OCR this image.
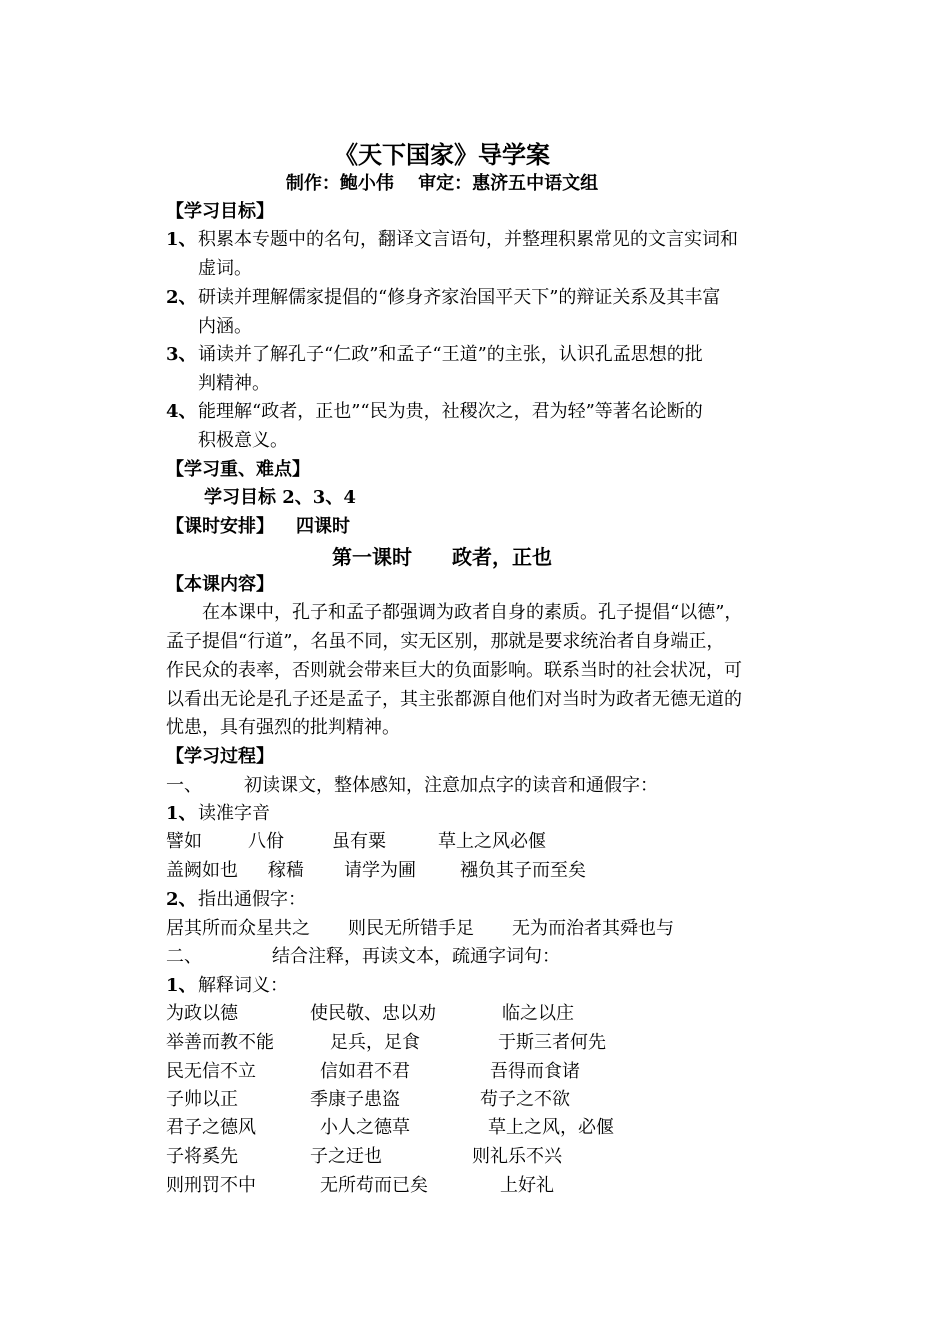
《天下国家》导学案
制作：鲍小伟　 审定：惠济五中语文组
【学习目标】
1、积累本专题中的名句，翻译文言语句，并整理积累常见的文言实词和
虚词。
2、研读并理解儒家提倡的“修身齐家治国平天下”的辩证关系及其丰富
内涵。
3、诵读并了解孔子“仁政”和孟子“王道”的主张，认识孔孟思想的批
判精神。
4、能理解“政者，正也”“民为贵，社稷次之，君为轻”等著名论断的
积极意义。
【学习重、难点】
学习目标 2、3、4
【课时安排】 四课时
第一课时　　政者，正也
【本课内容】
在本课中，孔子和孟子都强调为政者自身的素质。孔子提倡“以德”，
孟子提倡“行道”，名虽不同，实无区别，那就是要求统治者自身端正，
作民众的表率，否则就会带来巨大的负面影响。联系当时的社会状况，可
以看出无论是孔子还是孟子，其主张都源自他们对当时为政者无德无道的
忧患，具有强烈的批判精神。
【学习过程】
一、 初读课文，整体感知，注意加点字的读音和通假字：
1、读准字音
譬如	八佾	虽有粟	草上之风必偃
盖阙如也	稼穑	请学为圃	襁负其子而至矣
2、指出通假字：
居其所而众星共之	则民无所错手足	无为而治者其舜也与
二、	结合注释，再读文本，疏通字词句：
1、解释词义：
为政以德	使民敬、忠以劝	临之以庄
举善而教不能	足兵，足食	于斯三者何先
民无信不立	信如君不君	吾得而食诸
子帅以正	季康子患盗	苟子之不欲
君子之德风	小人之德草	草上之风，必偃
子将奚先	子之迂也	则礼乐不兴
则刑罚不中	无所苟而已矣	上好礼
